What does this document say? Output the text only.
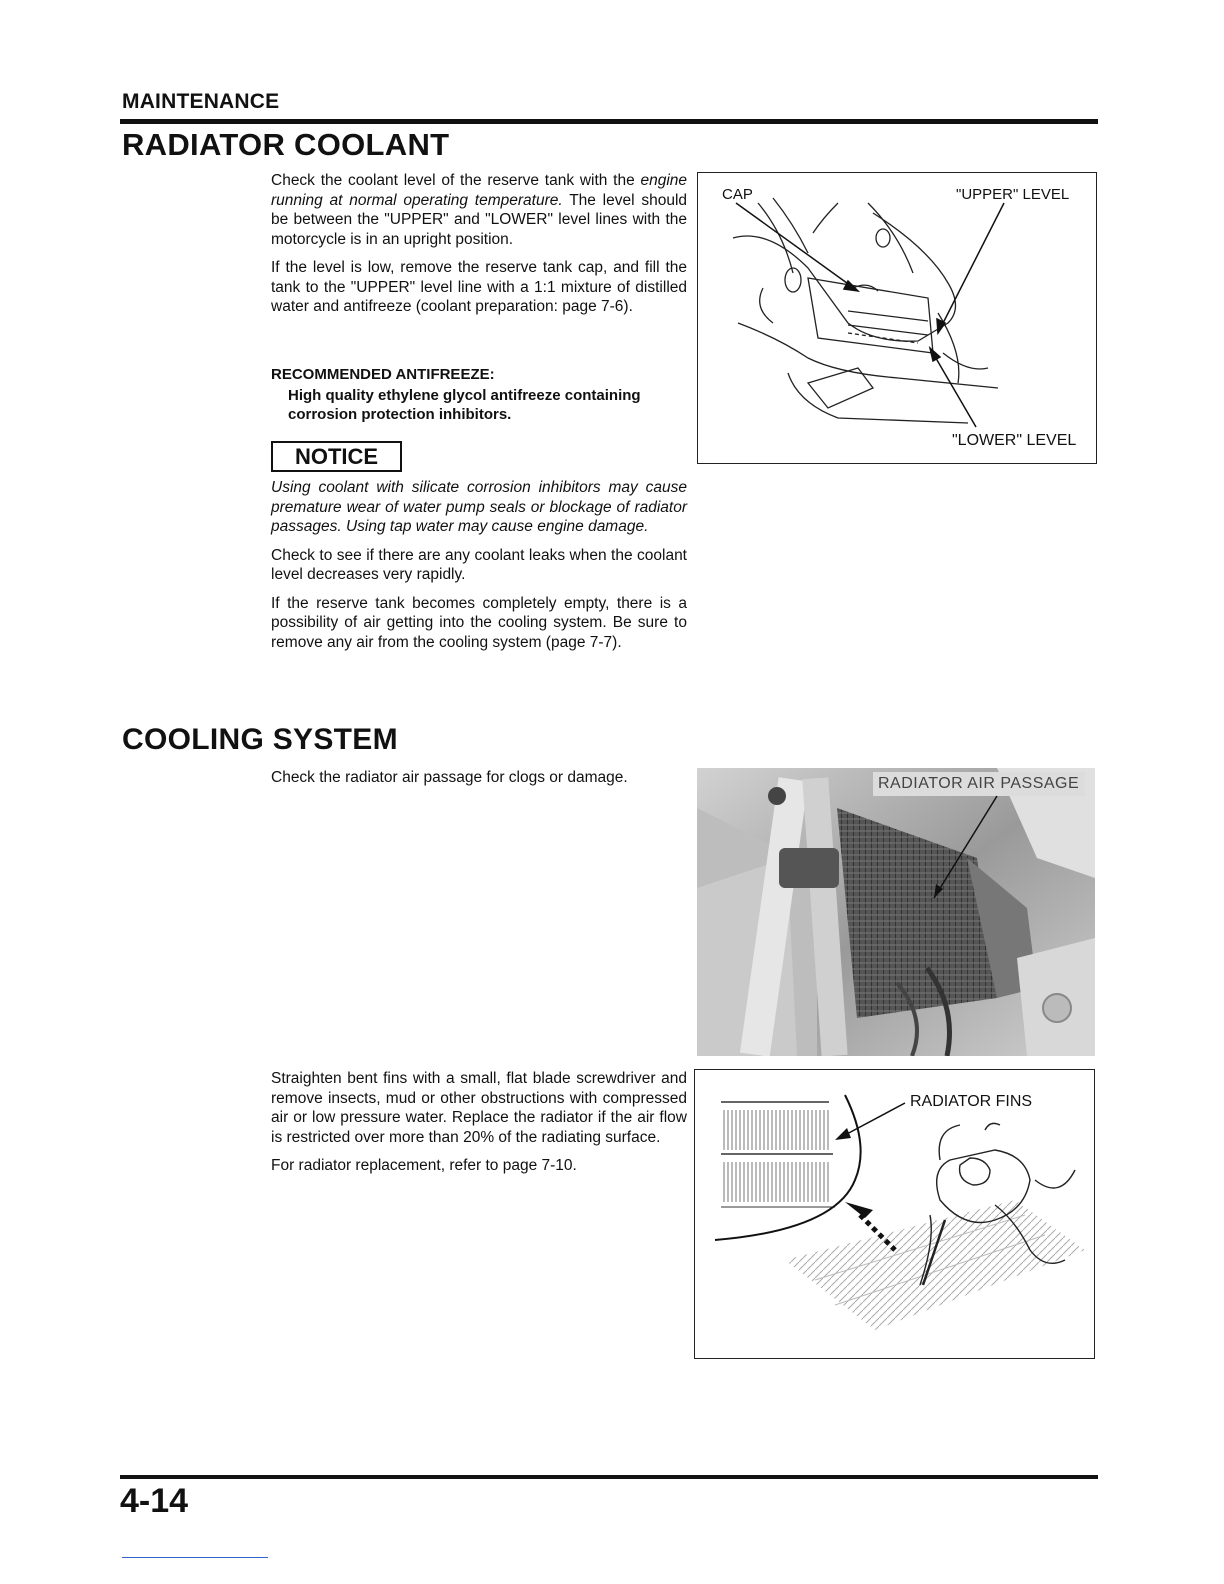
MAINTENANCE
RADIATOR COOLANT

Check the coolant level of the reserve tank with the engine running at normal operating temperature. The level should be between the "UPPER" and "LOWER" level lines with the motorcycle is in an upright position.

If the level is low, remove the reserve tank cap, and fill the tank to the "UPPER" level line with a 1:1 mixture of distilled water and antifreeze (coolant preparation: page 7-6).

RECOMMENDED ANTIFREEZE:
High quality ethylene glycol antifreeze containing corrosion protection inhibitors.
NOTICE

Using coolant with silicate corrosion inhibitors may cause premature wear of water pump seals or blockage of radiator passages. Using tap water may cause engine damage.

Check to see if there are any coolant leaks when the coolant level decreases very rapidly.

If the reserve tank becomes completely empty, there is a possibility of air getting into the cooling system. Be sure to remove any air from the cooling system (page 7-7).

CAP	"UPPER" LEVEL
"LOWER" LEVEL
COOLING SYSTEM
Check the radiator air passage for clogs or damage.	RADIATOR AIR PASSAGE

Straighten bent fins with a small, flat blade screwdriver and remove insects, mud or other obstructions with compressed air or low pressure water. Replace the radiator if the air flow is restricted over more than 20% of the radiating surface.

For radiator replacement, refer to page 7-10.

RADIATOR FINS
4-14
